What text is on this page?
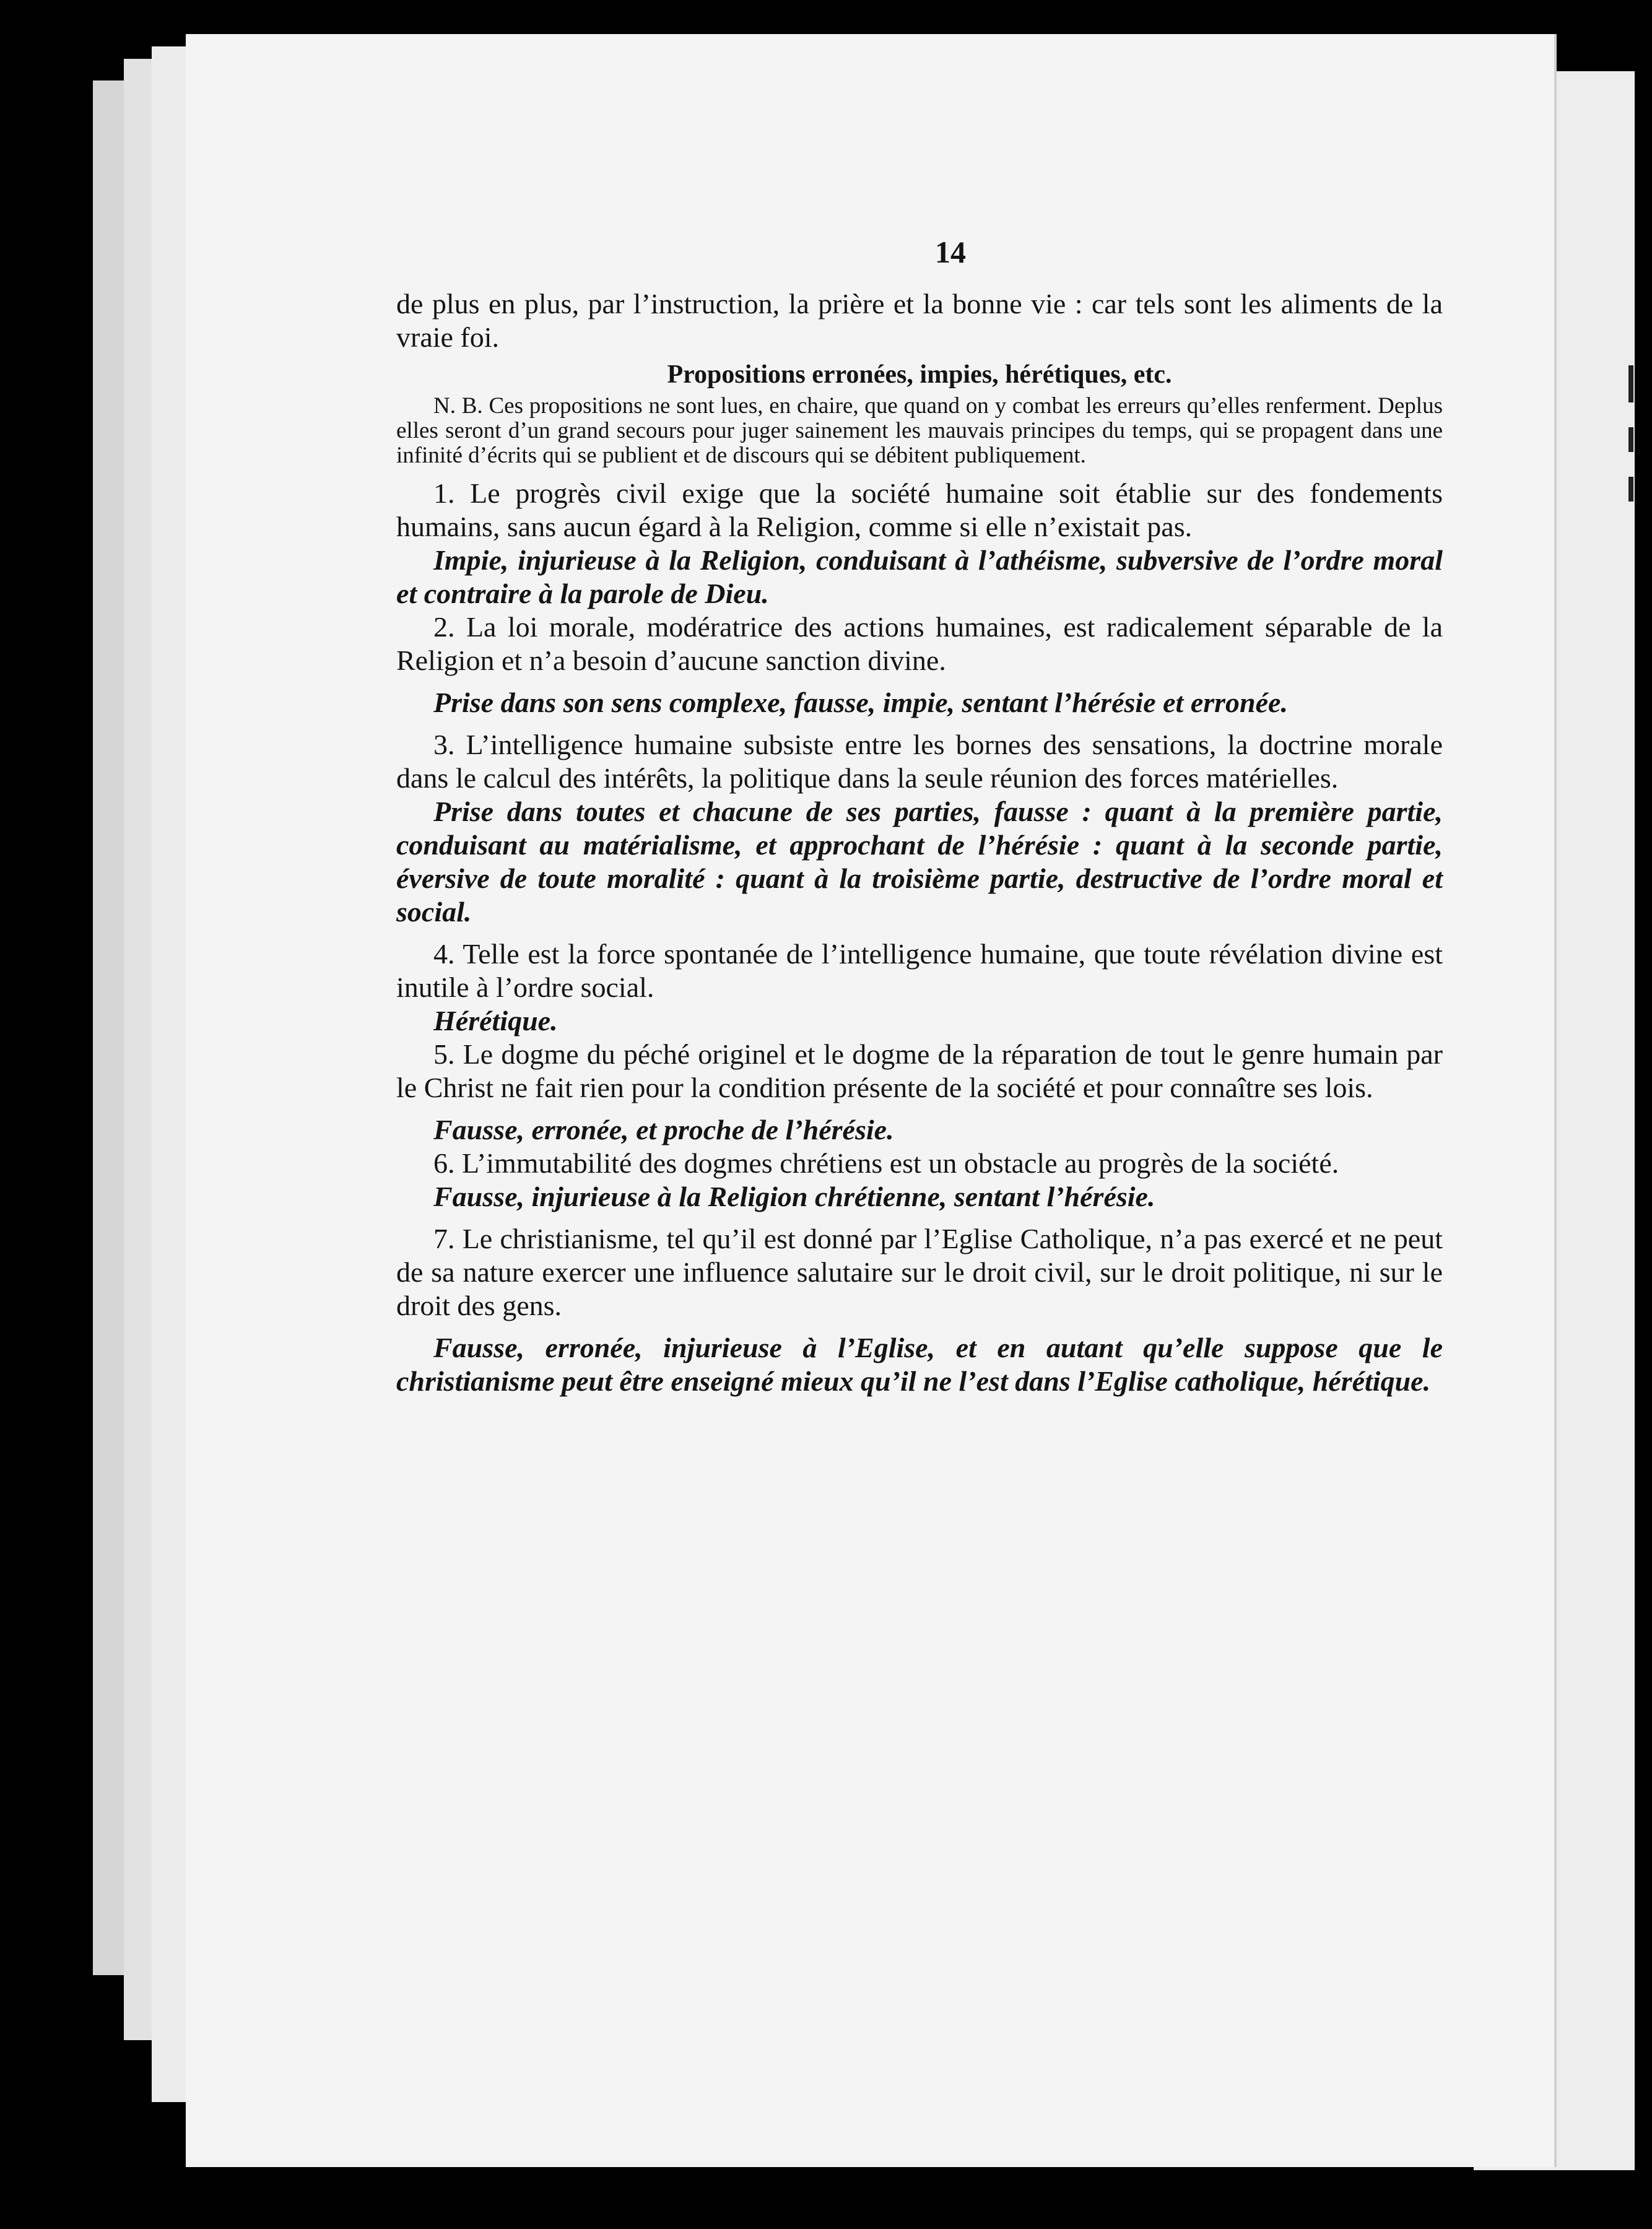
14

de plus en plus, par l’instruction, la prière et la bonne vie : car tels sont les aliments de la vraie foi.

Propositions erronées, impies, hérétiques, etc.

N. B. Ces propositions ne sont lues, en chaire, que quand on y combat les erreurs qu’elles renferment. Deplus elles seront d’un grand secours pour juger sainement les mauvais principes du temps, qui se propagent dans une infinité d’écrits qui se publient et de discours qui se débitent publiquement.

1. Le progrès civil exige que la société humaine soit établie sur des fondements humains, sans aucun égard à la Religion, comme si elle n’existait pas.

Impie, injurieuse à la Religion, conduisant à l’athéisme, subversive de l’ordre moral et contraire à la parole de Dieu.

2. La loi morale, modératrice des actions humaines, est radicalement séparable de la Religion et n’a besoin d’aucune sanction divine.

Prise dans son sens complexe, fausse, impie, sentant l’hérésie et erronée.

3. L’intelligence humaine subsiste entre les bornes des sensations, la doctrine morale dans le calcul des intérêts, la politique dans la seule réunion des forces matérielles.

Prise dans toutes et chacune de ses parties, fausse : quant à la première partie, conduisant au matérialisme, et approchant de l’hérésie : quant à la seconde partie, éversive de toute moralité : quant à la troisième partie, destructive de l’ordre moral et social.

4. Telle est la force spontanée de l’intelligence humaine, que toute révélation divine est inutile à l’ordre social.

Hérétique.

5. Le dogme du péché originel et le dogme de la réparation de tout le genre humain par le Christ ne fait rien pour la condition présente de la société et pour connaître ses lois.

Fausse, erronée, et proche de l’hérésie.

6. L’immutabilité des dogmes chrétiens est un obstacle au progrès de la société.

Fausse, injurieuse à la Religion chrétienne, sentant l’hérésie.

7. Le christianisme, tel qu’il est donné par l’Eglise Catholique, n’a pas exercé et ne peut de sa nature exercer une influence salutaire sur le droit civil, sur le droit politique, ni sur le droit des gens.

Fausse, erronée, injurieuse à l’Eglise, et en autant qu’elle suppose que le christianisme peut être enseigné mieux qu’il ne l’est dans l’Eglise catholique, hérétique.
